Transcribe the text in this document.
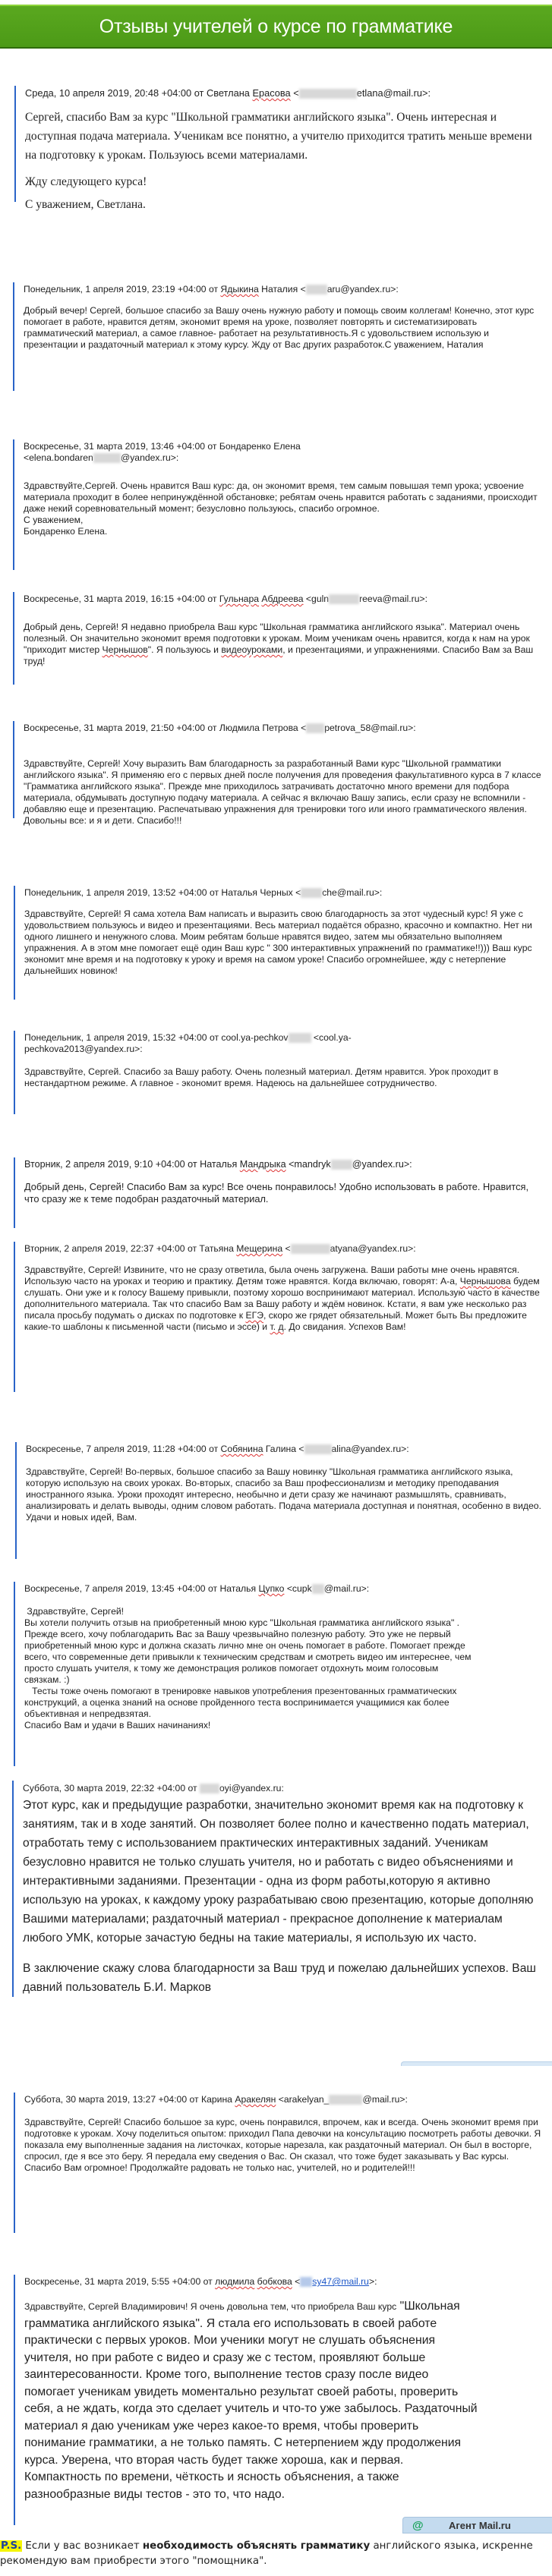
Отзывы учителей о курсе по грамматике
Среда, 10 апреля 2019, 20:48 +04:00 от Светлана Ерасова <	etlana@mail.ru>:

Сергей, спасибо Вам за курс "Школьной грамматики английского языка". Очень интересная и доступная подача материала. Ученикам все понятно, а учителю приходится тратить меньше времени на подготовку к урокам. Пользуюсь всеми материалами.

Жду следующего курса!

С уважением, Светлана.

Понедельник, 1 апреля 2019, 23:19 +04:00 от Ядыкина Наталия < aru@yandex.ru>:
Добрый вечер! Сергей, большое спасибо за Вашу очень нужную работу и помощь своим коллегам! Конечно, этот курс помогает в работе, нравится детям, экономит время на уроке, позволяет повторять и систематизировать грамматический материал, а самое главное- работает на результативность.Я с удовольствием использую и презентации и раздаточный материал к этому курсу. Жду от Вас других разработок.С уважением, Наталия
Воскресенье, 31 марта 2019, 13:46 +04:00 от Бондаренко Елена
<elena.bondaren	@yandex.ru>:

Здравствуйте,Сергей. Очень нравится Ваш курс: да, он экономит время, тем самым повышая темп урока; усвоение материала проходит в более непринуждённой обстановке; ребятам очень нравится работать с заданиями, происходит даже некий соревновательный момент; безусловно пользуюсь, спасибо огромное.

С уважением,

Бондаренко Елена.

Воскресенье, 31 марта 2019, 16:15 +04:00 от Гульнара Абдреева <guln	reeva@mail.ru>:
Добрый день, Сергей! Я недавно приобрела Ваш курс "Школьная грамматика английского языка". Материал очень полезный. Он значительно экономит время подготовки к урокам. Моим ученикам очень нравится, когда к нам на урок "приходит мистер Чернышов". Я пользуюсь и видеоуроками, и презентациями, и упражнениями. Спасибо Вам за Ваш труд!
Воскресенье, 31 марта 2019, 21:50 +04:00 от Людмила Петрова < petrova_58@mail.ru>:
Здравствуйте, Сергей! Хочу выразить Вам благодарность за разработанный Вами курс "Школьной грамматики английского языка". Я применяю его с первых дней после получения для проведения факультативного курса в 7 классе "Грамматика английского языка". Прежде мне приходилось затрачивать достаточно много времени для подбора материала, обдумывать доступную подачу материала. А сейчас я включаю Вашу запись, если сразу не вспомнили - добавляю еще и презентацию. Распечатываю упражнения для тренировки того или иного грамматического явления. Довольны все: и я и дети. Спасибо!!!
Понедельник, 1 апреля 2019, 13:52 +04:00 от Наталья Черных < che@mail.ru>:
Здравствуйте, Сергей! Я сама хотела Вам написать и выразить свою благодарность за этот чудесный курс! Я уже с удовольствием пользуюсь и видео и презентациями. Весь материал подаётся образно, красочно и компактно. Нет ни одного лишнего и ненужного слова. Моим ребятам больше нравятся видео, затем мы обязательно выполняем упражнения. А в этом мне помогает ещё один Ваш курс " 300 интерактивных упражнений по грамматике!!))) Ваш курс экономит мне время и на подготовку к уроку и время на самом уроке! Спасибо огромнейшее, жду с нетерпение дальнейших новинок!
Понедельник, 1 апреля 2019, 15:32 +04:00 от cool.ya-pechkov	<cool.ya-pechkova2013@yandex.ru>:
Здравствуйте, Сергей. Спасибо за Вашу работу. Очень полезный материал. Детям нравится. Урок проходит в нестандартном режиме. А главное - экономит время. Надеюсь на дальнейшее сотрудничество.
Вторник, 2 апреля 2019, 9:10 +04:00 от Наталья Мандрыка <mandryk @yandex.ru>:
Добрый день, Сергей! Спасибо Вам за курс! Все очень понравилось! Удобно использовать в работе. Нравится, что сразу же к теме подобран раздаточный материал.
Вторник, 2 апреля 2019, 22:37 +04:00 от Татьяна Мещерина <	atyana@yandex.ru>:
Здравствуйте, Сергей! Извините, что не сразу ответила, была очень загружена. Ваши работы мне очень нравятся. Использую часто на уроках и теорию и практику. Детям тоже нравятся. Когда включаю, говорят: А-а, Чернышова будем слушать. Они уже и к голосу Вашему привыкли, поэтому хорошо воспринимают материал. Использую часто в качестве дополнительного материала. Так что спасибо Вам за Вашу работу и ждём новинок. Кстати, я вам уже несколько раз писала просьбу подумать о дисках по подготовке к ЕГЭ, скоро же грядет обязательный. Может быть Вы предложите какие-то шаблоны к письменной части (письмо и эссе) и т. д. До свидания. Успехов Вам!
Воскресенье, 7 апреля 2019, 11:28 +04:00 от Собянина Галина <	alina@yandex.ru>:
Здравствуйте, Сергей! Во-первых, большое спасибо за Вашу новинку "Школьная грамматика английского языка, которую использую на своих уроках. Во-вторых, спасибо за Ваш профессионализм и методику преподавания иностранного языка. Уроки проходят интересно, необычно и дети сразу же начинают размышлять, сравнивать, анализировать и делать выводы, одним словом работать. Подача материала доступная и понятная, особенно в видео. Удачи и новых идей, Вам.
Воскресенье, 7 апреля 2019, 13:45 +04:00 от Наталья Цупко <cupk @mail.ru>:

Здравствуйте, Сергей!

Вы хотели получить отзыв на приобретенный мною курс "Школьная грамматика английского языка" .

Прежде всего, хочу поблагодарить Вас за Вашу чрезвычайно полезную работу. Это уже не первый приобретенный мною курс и должна сказать лично мне он очень помогает в работе. Помогает прежде всего, что современные дети привыкли к техническим средствам и смотреть видео им интереснее, чем просто слушать учителя, к тому же демонстрация роликов помогает отдохнуть моим голосовым связкам. :)

Тесты тоже очень помогают в тренировке навыков употребления презентованных грамматических конструкций, а оценка знаний на основе пройденного теста воспринимается учащимися как более объективная и непредвзятая.

Спасибо Вам и удачи в Ваших начинаниях!

Суббота, 30 марта 2019, 22:32 +04:00 от oyi@yandex.ru:

Этот курс, как и предыдущие разработки, значительно экономит время как на подготовку к занятиям, так и в ходе занятий. Он позволяет более полно и качественно подать материал, отработать тему с использованием практических интерактивных заданий. Ученикам безусловно нравится не только слушать учителя, но и работать с видео объяснениями и интерактивными заданиями. Презентации - одна из форм работы,которую я активно использую на уроках, к каждому уроку разрабатываю свою презентацию, которые дополняю Вашими материалами; раздаточный материал - прекрасное дополнение к материалам любого УМК, которые зачастую бедны на такие материалы, я использую их часто.

В заключение скажу слова благодарности за Ваш труд и пожелаю дальнейших успехов. Ваш давний пользователь Б.И. Марков

Суббота, 30 марта 2019, 13:27 +04:00 от Карина Аракелян <arakelyan_	@mail.ru>:
Здравствуйте, Сергей! Спасибо большое за курс, очень понравился, впрочем, как и всегда. Очень экономит время при подготовке к урокам. Хочу поделиться опытом: приходил Папа девочки на консультацию посмотреть работы девочки. Я показала ему выполненные задания на листочках, которые нарезала, как раздаточный материал. Он был в восторге, спросил, где я все это беру. Я передала ему сведения о Вас. Он сказал, что тоже будет заказывать у Вас курсы. Спасибо Вам огромное! Продолжайте радовать не только нас, учителей, но и родителей!!!
Воскресенье, 31 марта 2019, 5:55 +04:00 от людмила бобкова < sy47@mail.ru>:
Здравствуйте, Сергей Владимирович! Я очень довольна тем, что приобрела Ваш курс "Школьная грамматика английского языка". Я стала его использовать в своей работе практически с первых уроков. Мои ученики могут не слушать объяснения учителя, но при работе с видео и сразу же с тестом, проявляют больше заинтересованности. Кроме того, выполнение тестов сразу после видео помогает ученикам увидеть моментально результат своей работы, проверить себя, а не ждать, когда это сделает учитель и что-то уже забылось. Раздаточный материал я даю ученикам уже через какое-то время, чтобы проверить понимание грамматики, а не только память. С нетерпением жду продолжения курса. Уверена, что вторая часть будет также хороша, как и первая. Компактность по времени, чёткость и ясность объяснения, а также разнообразные виды тестов - это то, что надо.
@	Агент Mail.ru
P.S. Если у вас возникает необходимость объяснять грамматику английского языка, искренне рекомендую вам приобрести этого "помощника".
